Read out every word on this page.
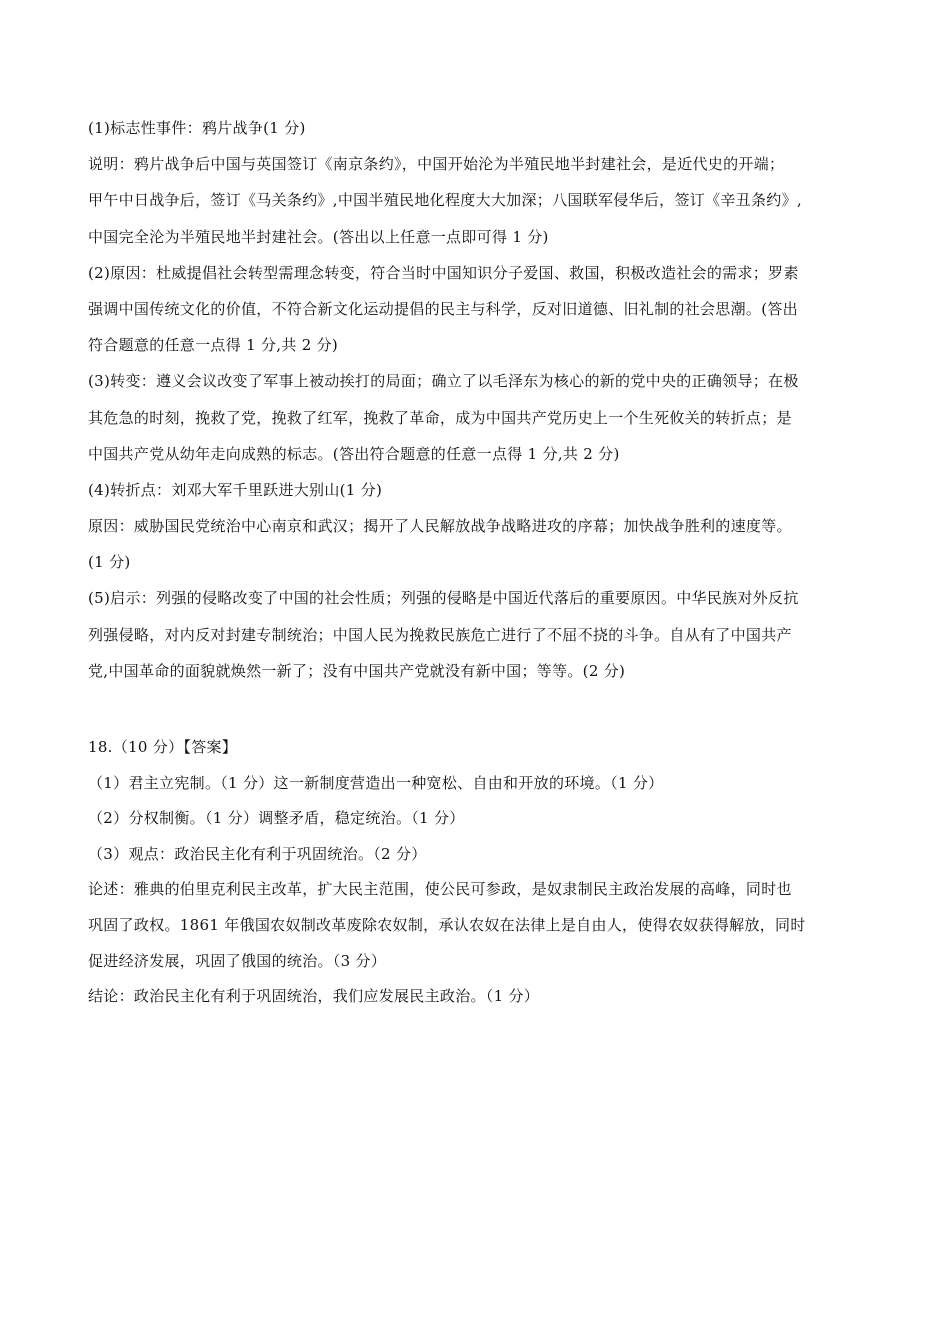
(1)标志性事件：鸦片战争(1 分)
说明：鸦片战争后中国与英国签订《南京条约》，中国开始沦为半殖民地半封建社会，是近代史的开端；
甲午中日战争后，签订《马关条约》,中国半殖民地化程度大大加深；八国联军侵华后，签订《辛丑条约》,
中国完全沦为半殖民地半封建社会。(答出以上任意一点即可得 1 分)
(2)原因：杜威提倡社会转型需理念转变，符合当时中国知识分子爱国、救国，积极改造社会的需求；罗素
强调中国传统文化的价值，不符合新文化运动提倡的民主与科学，反对旧道德、旧礼制的社会思潮。(答出
符合题意的任意一点得 1 分,共 2 分)
(3)转变：遵义会议改变了军事上被动挨打的局面；确立了以毛泽东为核心的新的党中央的正确领导；在极
其危急的时刻，挽救了党，挽救了红军，挽救了革命，成为中国共产党历史上一个生死攸关的转折点；是
中国共产党从幼年走向成熟的标志。(答出符合题意的任意一点得 1 分,共 2 分)
(4)转折点：刘邓大军千里跃进大别山(1 分)
原因：威胁国民党统治中心南京和武汉；揭开了人民解放战争战略进攻的序幕；加快战争胜利的速度等。
(1 分)
(5)启示：列强的侵略改变了中国的社会性质；列强的侵略是中国近代落后的重要原因。中华民族对外反抗
列强侵略，对内反对封建专制统治；中国人民为挽救民族危亡进行了不屈不挠的斗争。自从有了中国共产
党,中国革命的面貌就焕然一新了；没有中国共产党就没有新中国；等等。(2 分)
18.（10 分）【答案】
（1）君主立宪制。（1 分）这一新制度营造出一种宽松、自由和开放的环境。（1 分）
（2）分权制衡。（1 分）调整矛盾，稳定统治。（1 分）
（3）观点：政治民主化有利于巩固统治。（2 分）
论述：雅典的伯里克利民主改革，扩大民主范围，使公民可参政，是奴隶制民主政治发展的高峰，同时也
巩固了政权。1861 年俄国农奴制改革废除农奴制，承认农奴在法律上是自由人，使得农奴获得解放，同时
促进经济发展，巩固了俄国的统治。（3 分）
结论：政治民主化有利于巩固统治，我们应发展民主政治。（1 分）
